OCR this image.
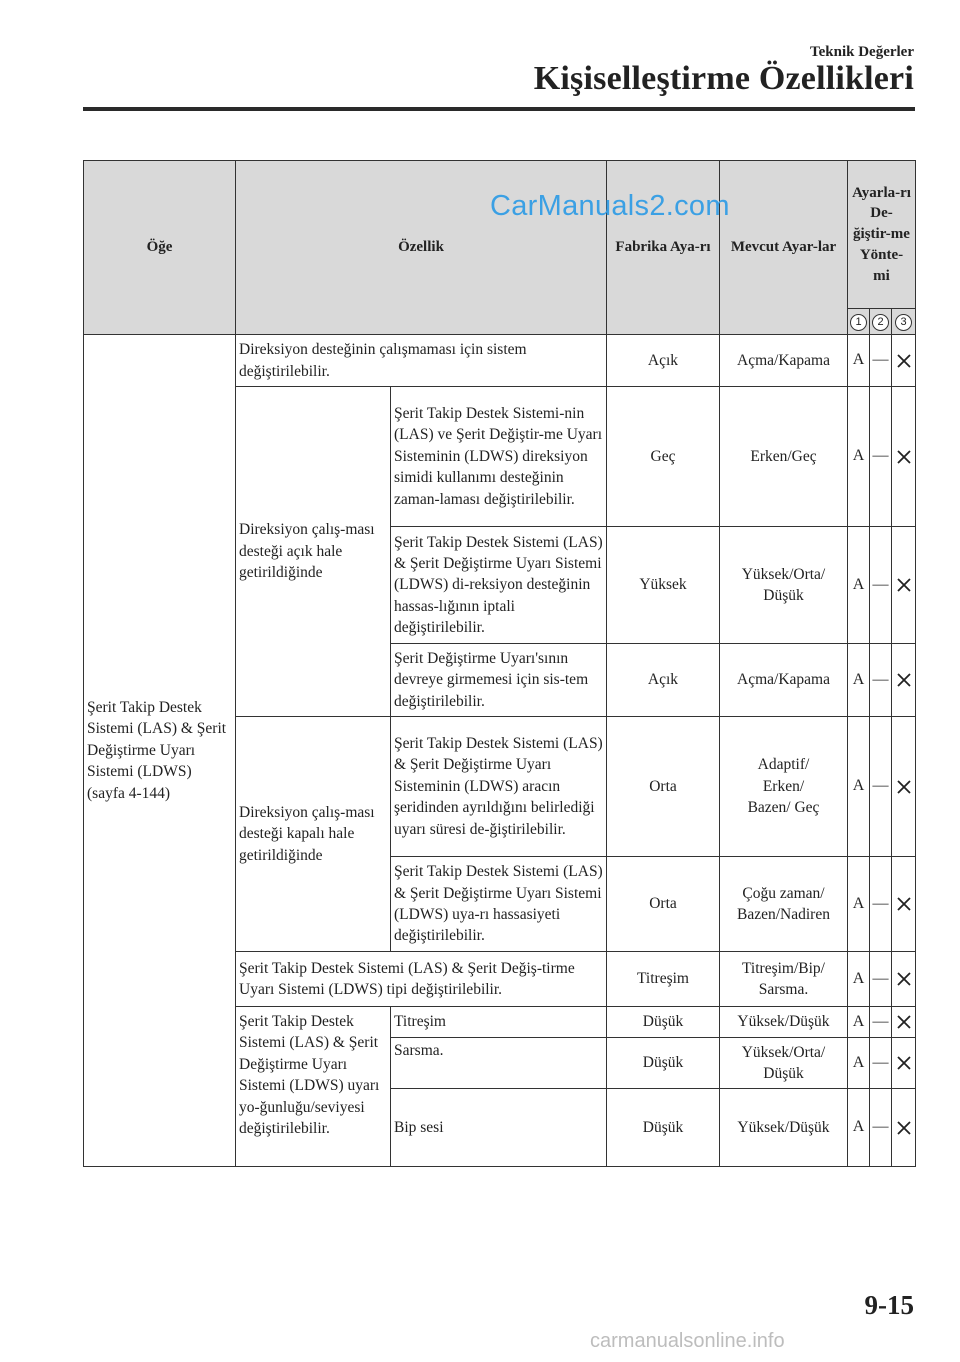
Teknik Değerler
Kişiselleştirme Özellikleri
CarManuals2.com
Öğe	Özellik		Fabrika Aya-rı	Mevcut Ayar-lar	Ayarla-rı De-ğiştir-me Yönte-mi		
					1	2	3
Şerit Takip Destek Sistemi (LAS) & Şerit Değiştirme Uyarı Sistemi (LDWS) (sayfa 4-144)	Direksiyon desteğinin çalışmaması için sistem değiştirilebilir.		Açık	Açma/Kapama	A	—	

	Direksiyon çalış-ması desteği açık hale getirildiğinde	Şerit Takip Destek Sistemi-nin (LAS) ve Şerit Değiştir-me Uyarı Sisteminin (LDWS) direksiyon simidi kullanımı desteğinin zaman-laması değiştirilebilir.	Geç	Erken/Geç	A	—	

		Şerit Takip Destek Sistemi (LAS) & Şerit Değiştirme Uyarı Sistemi (LDWS) di-reksiyon desteğinin hassas-lığının iptali değiştirilebilir.	Yüksek	Yüksek/Orta/ Düşük	A	—	

		Şerit Değiştirme Uyarı'sının devreye girmemesi için sis-tem değiştirilebilir.	Açık	Açma/Kapama	A	—	

	Direksiyon çalış-ması desteği kapalı hale getirildiğinde	Şerit Takip Destek Sistemi (LAS) & Şerit Değiştirme Uyarı Sisteminin (LDWS) aracın şeridinden ayrıldığını belirlediği uyarı süresi de-ğiştirilebilir.	Orta	Adaptif/ Erken/ Bazen/ Geç	A	—	

		Şerit Takip Destek Sistemi (LAS) & Şerit Değiştirme Uyarı Sistemi (LDWS) uya-rı hassasiyeti değiştirilebilir.	Orta	Çoğu zaman/ Bazen/Nadiren	A	—	

	Şerit Takip Destek Sistemi (LAS) & Şerit Değiş-tirme Uyarı Sistemi (LDWS) tipi değiştirilebilir.		Titreşim	Titreşim/Bip/ Sarsma.	A	—	

	Şerit Takip Destek Sistemi (LAS) & Şerit Değiştirme Uyarı Sistemi (LDWS) uyarı yo-ğunluğu/seviyesi değiştirilebilir.	Titreşim	Düşük	Yüksek/Düşük	A	—	

		Sarsma.	Düşük	Yüksek/Orta/ Düşük	A	—	

		Bip sesi	Düşük	Yüksek/Düşük	A	—	
9-15
carmanualsonline.info
